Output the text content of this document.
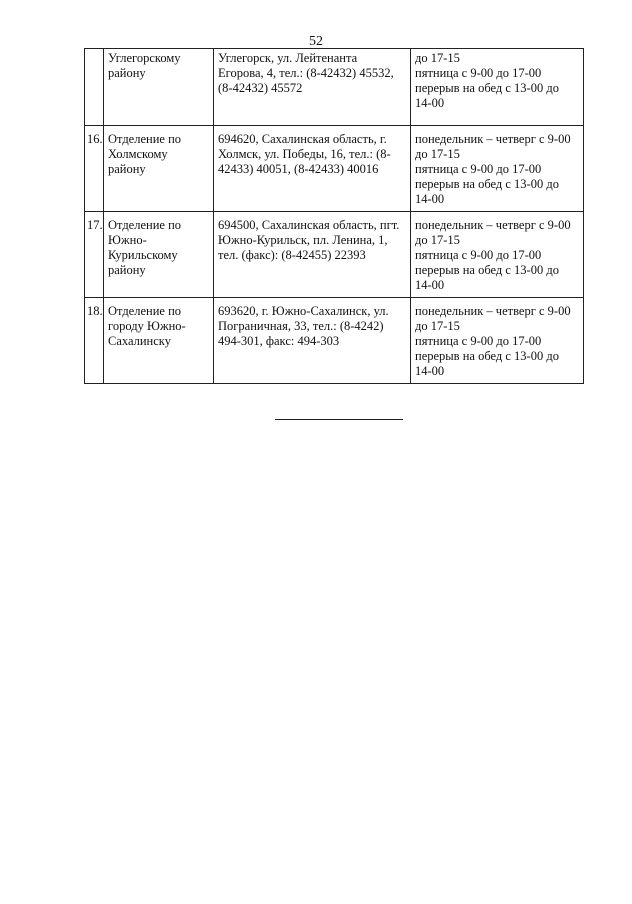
52

	Углегорскому
району	Углегорск, ул. Лейтенанта
Егорова, 4, тел.: (8-42432) 45532,
(8-42432) 45572	до 17-15
пятница с 9-00 до 17-00
перерыв на обед с 13-00 до
14-00

16.	Отделение по
Холмскому
району	694620, Сахалинская область, г.
Холмск, ул. Победы, 16, тел.: (8-
42433) 40051, (8-42433) 40016	понедельник – четверг с 9-00
до 17-15
пятница с 9-00 до 17-00
перерыв на обед с 13-00 до
14-00

17.	Отделение по
Южно-
Курильскому
району	694500, Сахалинская область, пгт.
Южно-Курильск, пл. Ленина, 1,
тел. (факс): (8-42455) 22393	понедельник – четверг с 9-00
до 17-15
пятница с 9-00 до 17-00
перерыв на обед с 13-00 до
14-00

18.	Отделение по
городу Южно-
Сахалинску	693620, г. Южно-Сахалинск, ул.
Пограничная, 33, тел.: (8-4242)
494-301, факс: 494-303	понедельник – четверг с 9-00
до 17-15
пятница с 9-00 до 17-00
перерыв на обед с 13-00 до
14-00
